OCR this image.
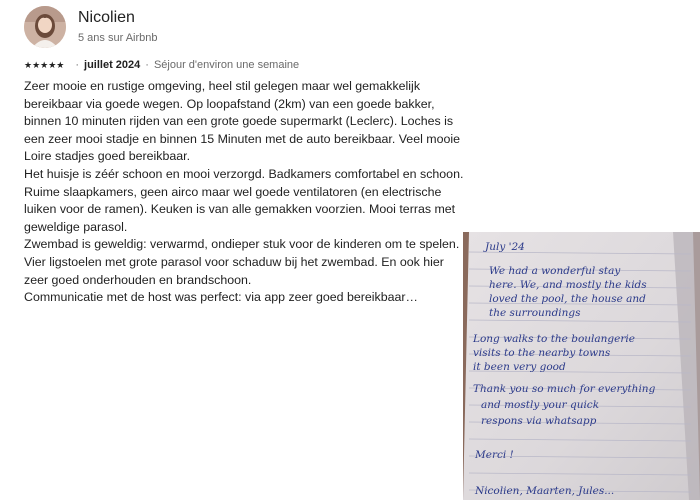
Nicolien
5 ans sur Airbnb
★★★★★ · juillet 2024 · Séjour d'environ une semaine
Zeer mooie en rustige omgeving, heel stil gelegen maar wel gemakkelijk
bereikbaar via goede wegen. Op loopafstand (2km) van een goede bakker,
binnen 10 minuten rijden van een grote goede supermarkt (Leclerc). Loches is
een zeer mooi stadje en binnen 15 Minuten met de auto bereikbaar. Veel mooie
Loire stadjes goed bereikbaar.
Het huisje is zéér schoon en mooi verzorgd. Badkamers comfortabel en schoon.
Ruime slaapkamers, geen airco maar wel goede ventilatoren (en electrische
luiken voor de ramen). Keuken is van alle gemakken voorzien. Mooi terras met
geweldige parasol.
Zwembad is geweldig: verwarmd, ondieper stuk voor de kinderen om te spelen.
Vier ligstoelen met grote parasol voor schaduw bij het zwembad. En ook hier
zeer goed onderhouden en brandschoon.
Communicatie met de host was perfect: via app zeer goed bereikbaar…
July '24
We had a wonderful stay
here. We, and mostly the kids
loved the pool, the house and
the surroundings
Long walks to the boulangerie
visits to the nearby towns
it been very good
Thank you so much for everything
and mostly your quick
respons via whatsapp
Merci !
Nicolien, Maarten, Jules...
